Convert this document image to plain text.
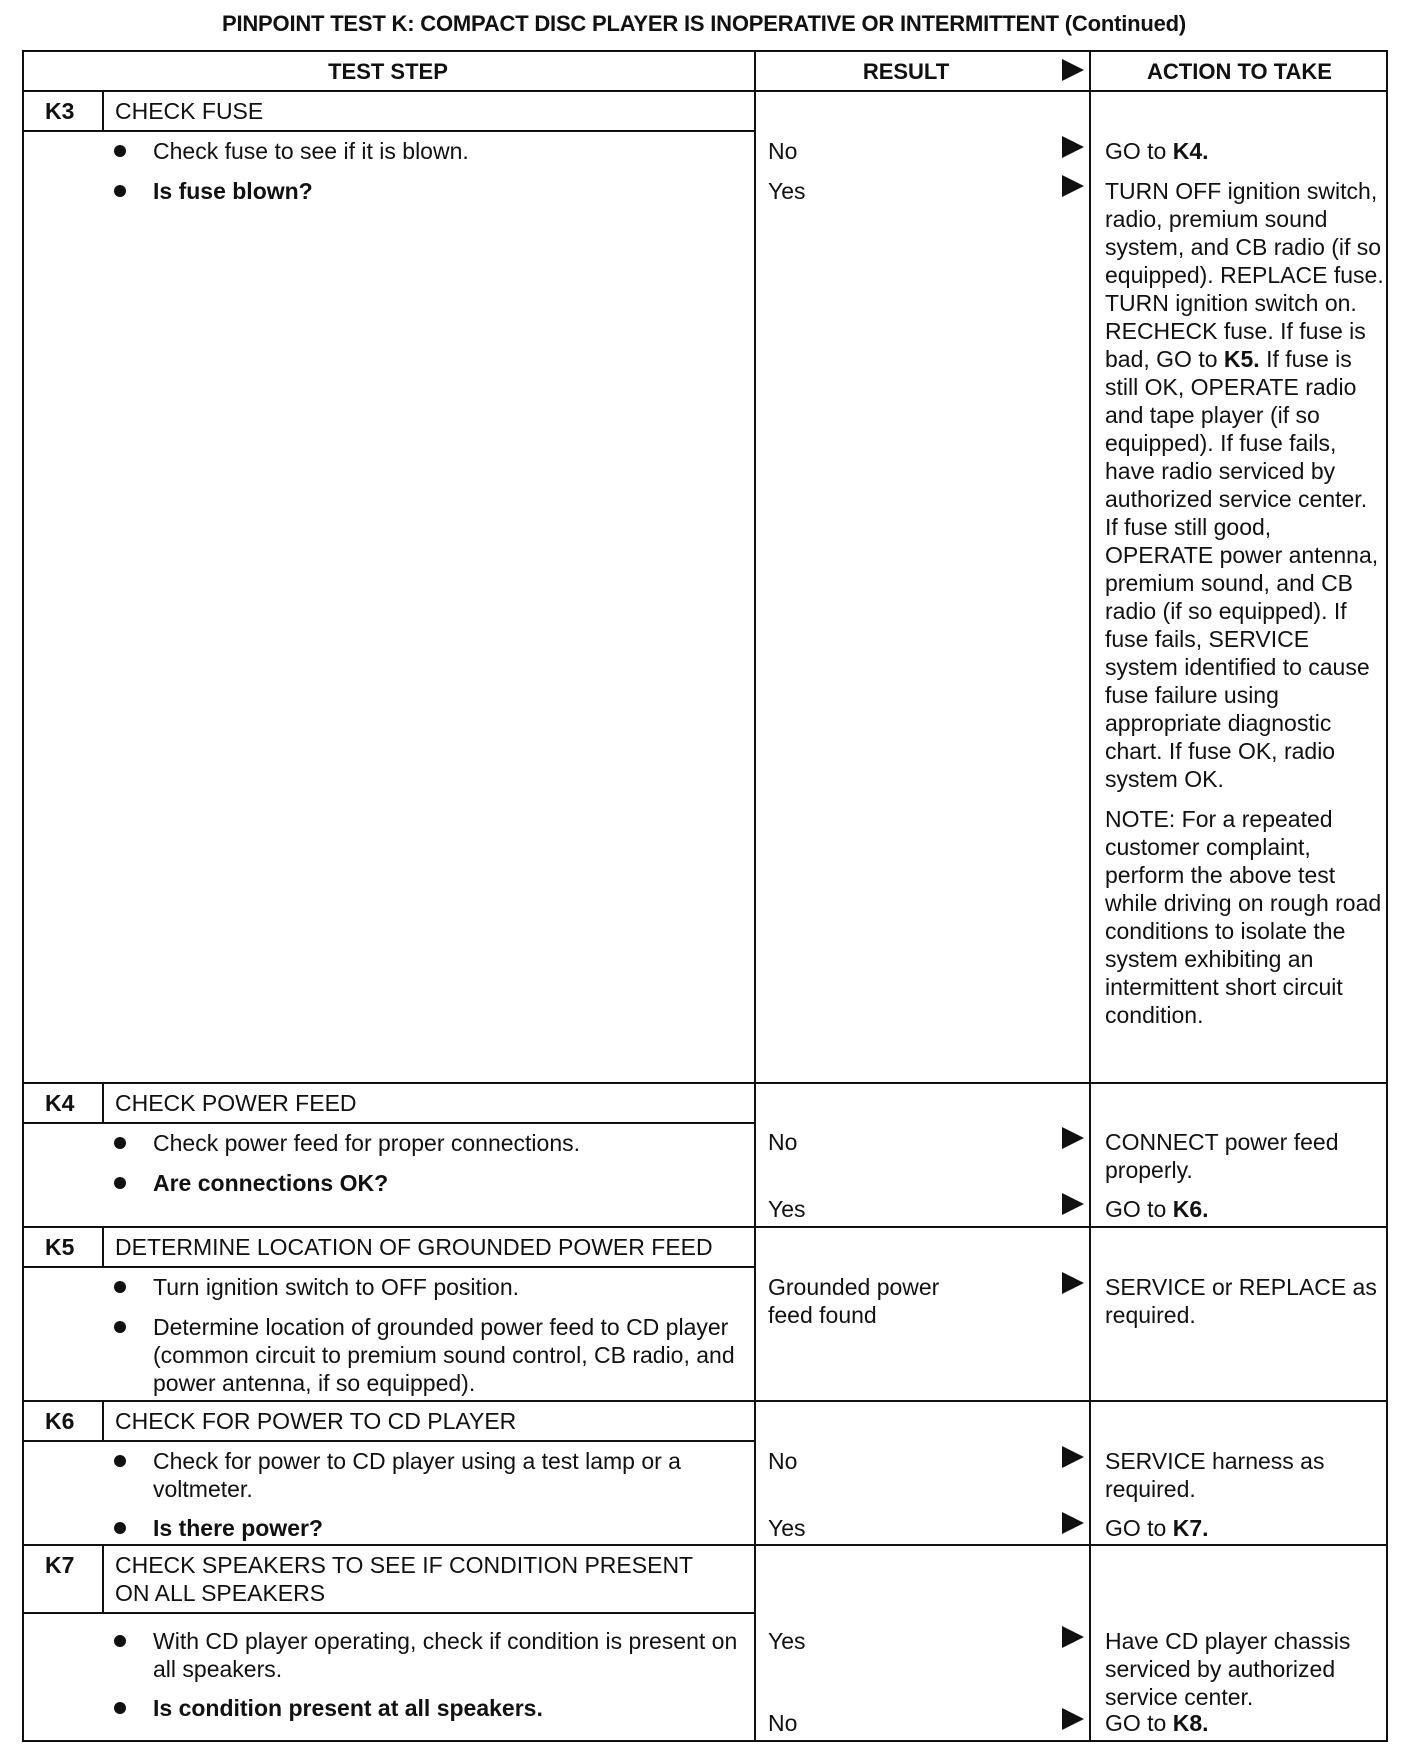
PINPOINT TEST K: COMPACT DISC PLAYER IS INOPERATIVE OR INTERMITTENT (Continued)
TEST STEP	RESULT	ACTION TO TAKE
K3 CHECK FUSE
Check fuse to see if it is blown.
Is fuse blown?
No
Yes
GO to K4.

TURN OFF ignition switch, radio, premium sound system, and CB radio (if so equipped). REPLACE fuse. TURN ignition switch on. RECHECK fuse. If fuse is bad, GO to K5. If fuse is still OK, OPERATE radio and tape player (if so equipped). If fuse fails, have radio serviced by authorized service center. If fuse still good, OPERATE power antenna, premium sound, and CB radio (if so equipped). If fuse fails, SERVICE system identified to cause fuse failure using appropriate diagnostic chart. If fuse OK, radio system OK.

NOTE: For a repeated customer complaint, perform the above test while driving on rough road conditions to isolate the system exhibiting an intermittent short circuit condition.

K4 CHECK POWER FEED
Check power feed for proper connections.
Are connections OK?
No
Yes
CONNECT power feed properly.
GO to K6.
K5 DETERMINE LOCATION OF GROUNDED POWER FEED
Turn ignition switch to OFF position.
Determine location of grounded power feed to CD player (common circuit to premium sound control, CB radio, and power antenna, if so equipped).
Grounded power feed found
SERVICE or REPLACE as required.
K6 CHECK FOR POWER TO CD PLAYER
Check for power to CD player using a test lamp or a voltmeter.
Is there power?
No
Yes
SERVICE harness as required.
GO to K7.
K7 CHECK SPEAKERS TO SEE IF CONDITION PRESENT ON ALL SPEAKERS
With CD player operating, check if condition is present on all speakers.
Is condition present at all speakers.
Yes
No
Have CD player chassis serviced by authorized service center.
GO to K8.
